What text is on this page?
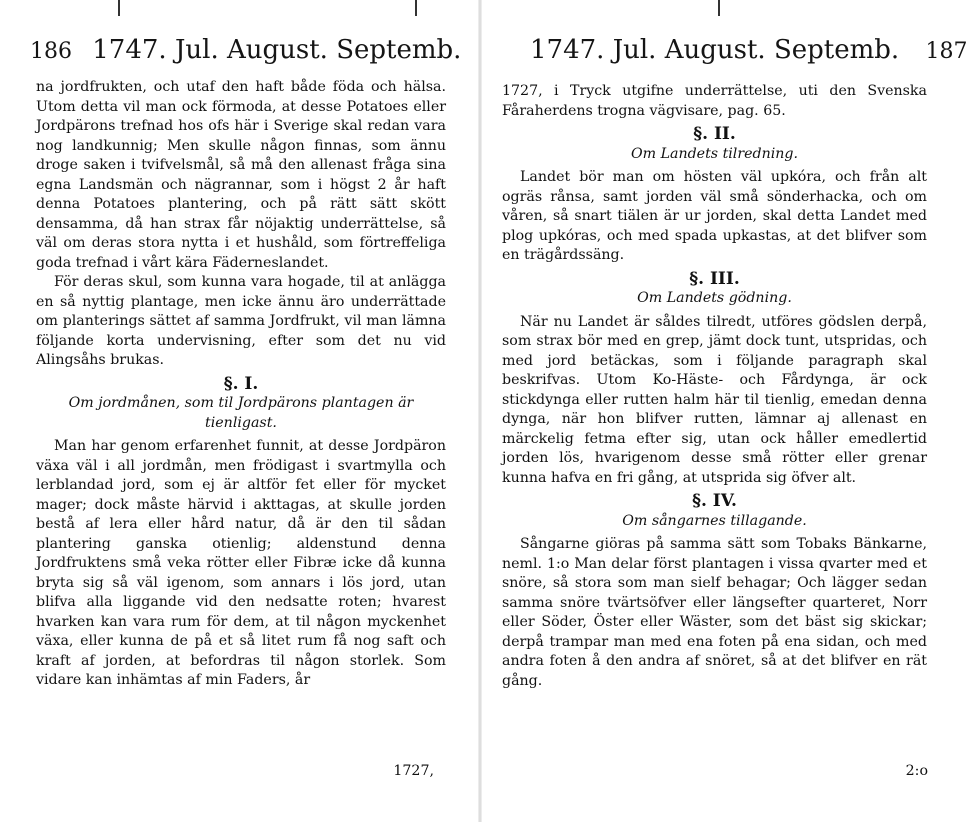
186 1747. Jul. August. Septemb.

na jordfrukten, och utaf den haft både föda och hälsa. Utom detta vil man ock förmoda, at desse Potatoes eller Jordpärons trefnad hos ofs här i Sverige skal redan vara nog landkunnig; Men skulle någon finnas, som ännu droge saken i tvifvelsmål, så må den allenast fråga sina egna Landsmän och nägrannar, som i högst 2 år haft denna Potatoes plantering, och på rätt sätt skött densamma, då han strax får nöjaktig underrättelse, så väl om deras stora nytta i et hushåld, som förtreffeliga goda trefnad i vårt kära Fäderneslandet.

För deras skul, som kunna vara hogade, til at anlägga en så nyttig plantage, men icke ännu äro underrättade om planterings sättet af samma Jordfrukt, vil man lämna följande korta undervisning, efter som det nu vid Alingsåhs brukas.

§. I.
Om jordmånen, som til Jordpärons plantagen är tienligast.

Man har genom erfarenhet funnit, at desse Jordpäron växa väl i all jordmån, men frödigast i svartmylla och lerblandad jord, som ej är altför fet eller för mycket mager; dock måste härvid i akttagas, at skulle jorden bestå af lera eller hård natur, då är den til sådan plantering ganska otienlig; aldenstund denna Jordfruktens små veka rötter eller Fibræ icke då kunna bryta sig så väl igenom, som annars i lös jord, utan blifva alla liggande vid den nedsatte roten; hvarest hvarken kan vara rum för dem, at til någon myckenhet växa, eller kunna de på et så litet rum få nog saft och kraft af jorden, at befordras til någon storlek. Som vidare kan inhämtas af min Faders, år

1727,
1747. Jul. August. Septemb. 187

1727, i Tryck utgifne underrättelse, uti den Svenska Fåraherdens trogna vägvisare, pag. 65.

§. II.
Om Landets tilredning.

Landet bör man om hösten väl upkóra, och från alt ogräs rånsa, samt jorden väl små sönderhacka, och om våren, så snart tiälen är ur jorden, skal detta Landet med plog upkóras, och med spada upkastas, at det blifver som en trägårdssäng.

§. III.
Om Landets gödning.

När nu Landet är såldes tilredt, utföres gödslen derpå, som strax bör med en grep, jämt dock tunt, utspridas, och med jord betäckas, som i följande paragraph skal beskrifvas. Utom Ko-Häste- och Fårdynga, är ock stickdynga eller rutten halm här til tienlig, emedan denna dynga, när hon blifver rutten, lämnar aj allenast en märckelig fetma efter sig, utan ock håller emedlertid jorden lös, hvarigenom desse små rötter eller grenar kunna hafva en fri gång, at utsprida sig öfver alt.

§. IV.
Om sångarnes tillagande.

Sångarne giöras på samma sätt som Tobaks Bänkarne, neml. 1:o Man delar först plantagen i vissa qvarter med et snöre, så stora som man sielf behagar; Och lägger sedan samma snöre tvärtsöfver eller längsefter quarteret, Norr eller Söder, Öster eller Wäster, som det bäst sig skickar; derpå trampar man med ena foten på ena sidan, och med andra foten å den andra af snöret, så at det blifver en rät gång.

2:o
